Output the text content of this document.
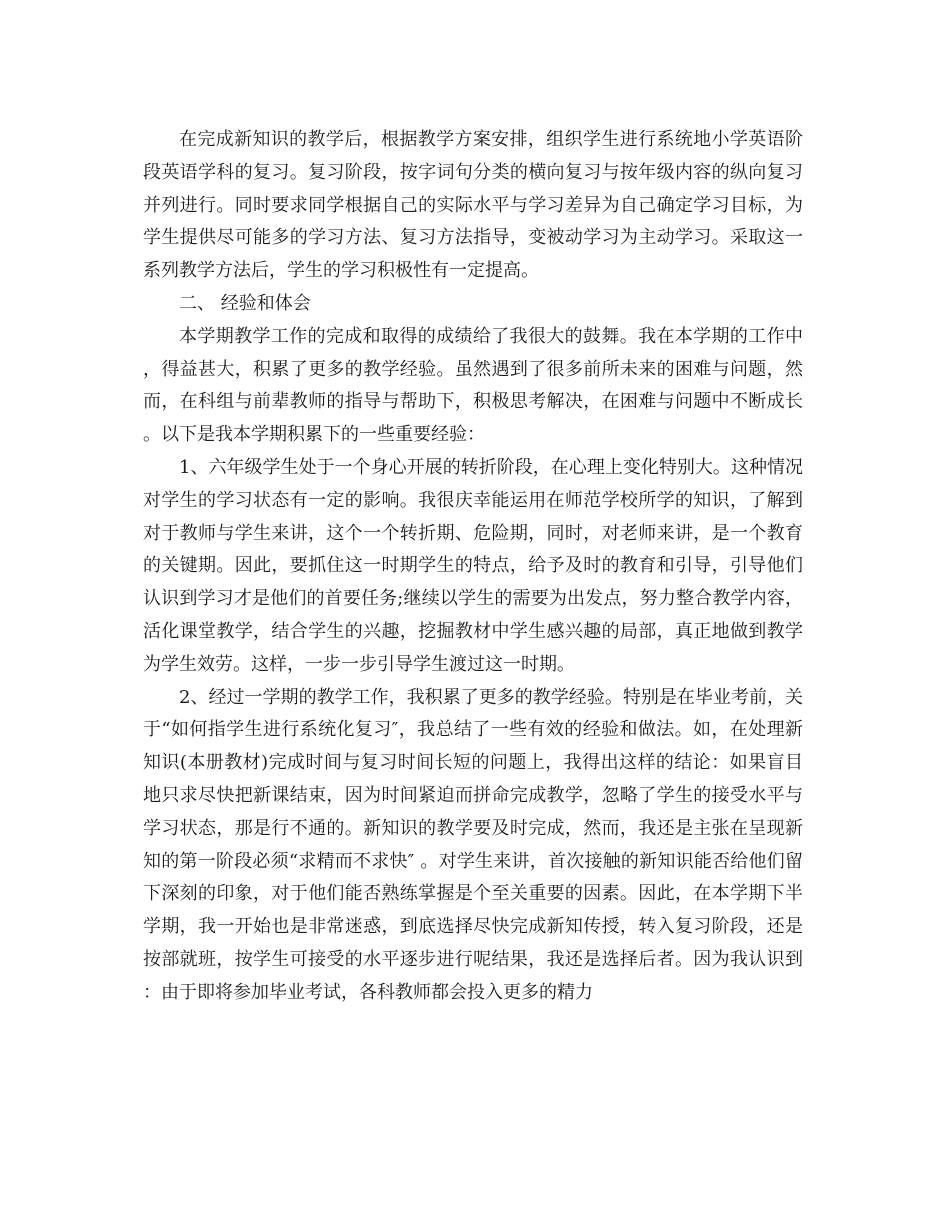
在完成新知识的教学后，根据教学方案安排，组织学生进行系统地小学英语阶段英语学科的复习。复习阶段，按字词句分类的横向复习与按年级内容的纵向复习并列进行。同时要求同学根据自己的实际水平与学习差异为自己确定学习目标，为学生提供尽可能多的学习方法、复习方法指导，变被动学习为主动学习。采取这一系列教学方法后，学生的学习积极性有一定提高。

二、 经验和体会

本学期教学工作的完成和取得的成绩给了我很大的鼓舞。我在本学期的工作中，得益甚大，积累了更多的教学经验。虽然遇到了很多前所未来的困难与问题，然而，在科组与前辈教师的指导与帮助下，积极思考解决，在困难与问题中不断成长。以下是我本学期积累下的一些重要经验：

1、六年级学生处于一个身心开展的转折阶段，在心理上变化特别大。这种情况对学生的学习状态有一定的影响。我很庆幸能运用在师范学校所学的知识，了解到对于教师与学生来讲，这个一个转折期、危险期，同时，对老师来讲，是一个教育的关键期。因此，要抓住这一时期学生的特点，给予及时的教育和引导，引导他们认识到学习才是他们的首要任务;继续以学生的需要为出发点，努力整合教学内容，活化课堂教学，结合学生的兴趣，挖掘教材中学生感兴趣的局部，真正地做到教学为学生效劳。这样，一步一步引导学生渡过这一时期。

2、经过一学期的教学工作，我积累了更多的教学经验。特别是在毕业考前，关于“如何指学生进行系统化复习″，我总结了一些有效的经验和做法。如，在处理新知识(本册教材)完成时间与复习时间长短的问题上，我得出这样的结论：如果盲目地只求尽快把新课结束，因为时间紧迫而拼命完成教学，忽略了学生的接受水平与学习状态，那是行不通的。新知识的教学要及时完成，然而，我还是主张在呈现新知的第一阶段必须“求精而不求快″ 。对学生来讲，首次接触的新知识能否给他们留下深刻的印象，对于他们能否熟练掌握是个至关重要的因素。因此，在本学期下半学期，我一开始也是非常迷惑，到底选择尽快完成新知传授，转入复习阶段，还是按部就班，按学生可接受的水平逐步进行呢结果，我还是选择后者。因为我认识到：由于即将参加毕业考试，各科教师都会投入更多的精力
